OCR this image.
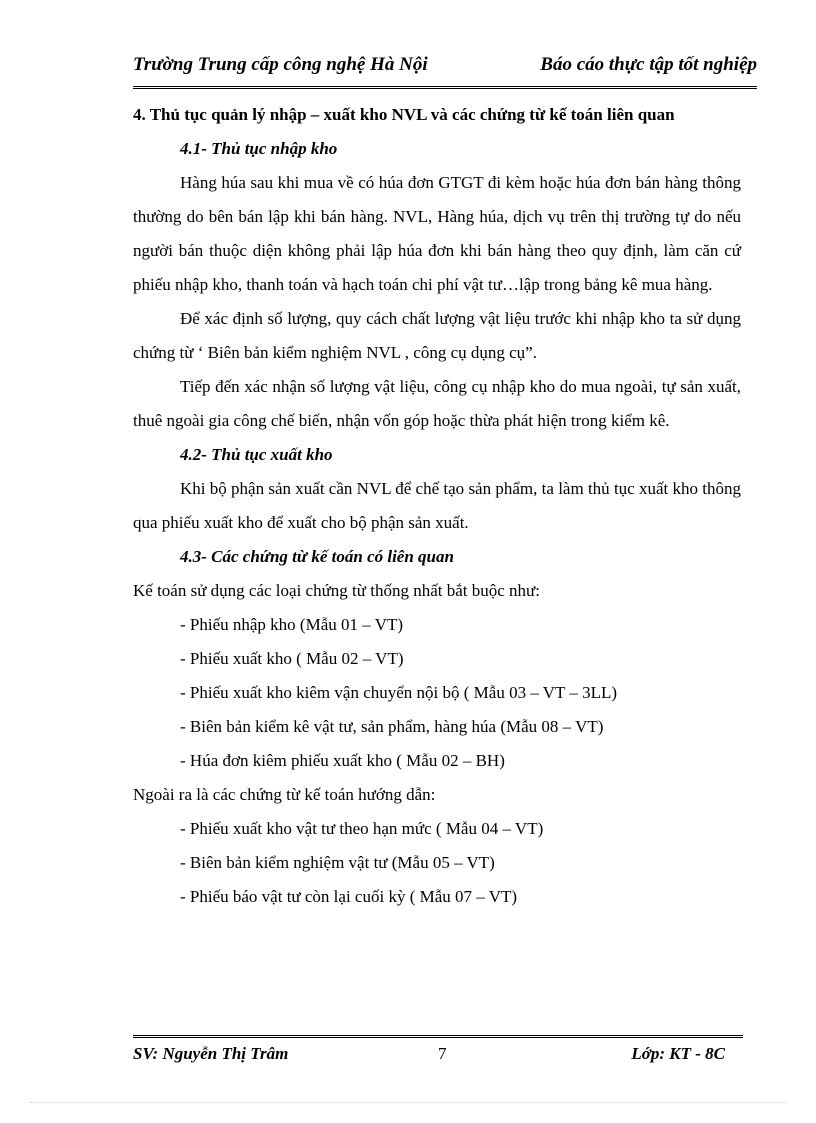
Trường Trung cấp công nghệ Hà Nội	Báo cáo thực tập tốt nghiệp

4. Thủ tục quản lý nhập – xuất kho NVL và các chứng từ kế toán liên quan

4.1- Thủ tục nhập kho

Hàng húa sau khi mua về có húa đơn GTGT đi kèm hoặc húa đơn bán hàng thông thường do bên bán lập khi bán hàng. NVL, Hàng húa, dịch vụ trên thị trường tự do nếu người bán thuộc diện không phải lập húa đơn khi bán hàng theo quy định, làm căn cứ phiếu nhập kho, thanh toán và hạch toán chi phí vật tư…lập trong bảng kê mua hàng.

Để xác định số lượng, quy cách chất lượng vật liệu trước khi nhập kho ta sử dụng chứng từ ‘ Biên bản kiểm nghiệm NVL , công cụ dụng cụ”.

Tiếp đến xác nhận số lượng vật liệu, công cụ nhập kho do mua ngoài, tự sản xuất, thuê ngoài gia công chế biến, nhận vốn góp hoặc thừa phát hiện trong kiểm kê.

4.2- Thủ tục xuất kho

Khi bộ phận sản xuất cần NVL để chế tạo sản phẩm, ta làm thủ tục xuất kho thông qua phiếu xuất kho để xuất cho bộ phận sản xuất.

4.3- Các chứng từ kế toán có liên quan

Kế toán sử dụng các loại chứng từ thống nhất bắt buộc như:

- Phiếu nhập kho (Mẫu 01 – VT)
- Phiếu xuất kho ( Mẫu 02 – VT)
- Phiếu xuất kho kiêm vận chuyển nội bộ ( Mẫu 03 – VT – 3LL)
- Biên bản kiểm kê vật tư, sản phẩm, hàng húa (Mẫu 08 – VT)
- Húa đơn kiêm phiếu xuất kho ( Mẫu 02 – BH)

Ngoài ra là các chứng từ kế toán hướng dẫn:

- Phiếu xuất kho vật tư theo hạn mức ( Mẫu 04 – VT)
- Biên bản kiểm nghiệm vật tư (Mẫu 05 – VT)
- Phiếu báo vật tư còn lại cuối kỳ ( Mẫu 07 – VT)
SV: Nguyễn Thị Trâm	7	Lớp: KT - 8C
